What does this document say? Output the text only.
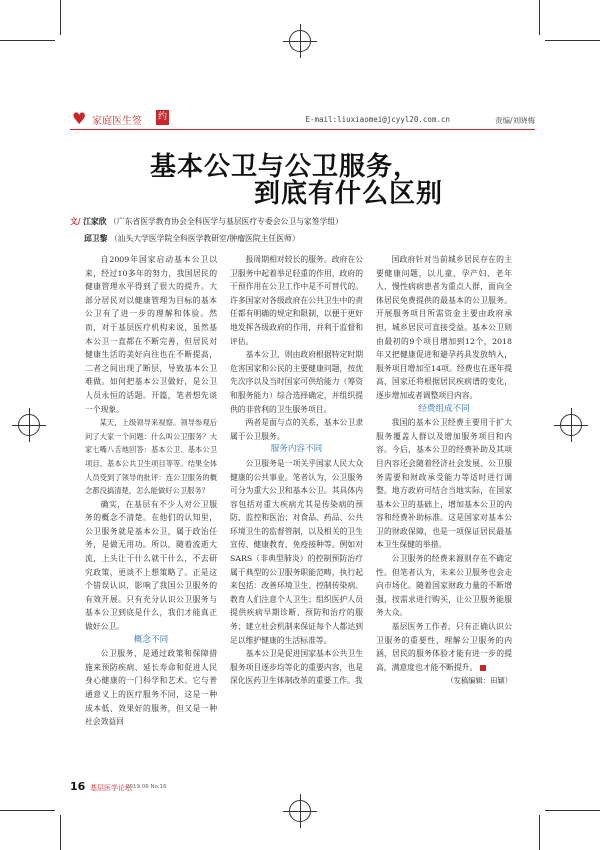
♥ 家庭医生签 约	E-mail:liuxiaomei@jcyyl20.com.cn	责编/刘晓梅
基本公卫与公卫服务，
到底有什么区别
文/ 江家欣 （广东省医学教育协会全科医学与基层医疗专委会公卫与家签学组）
邱卫黎 （汕头大学医学院全科医学教研室/肿瘤医院主任医师）

自2009年国家启动基本公卫以来，经过10多年的努力，我国居民的健康管理水平得到了很大的提升。大部分居民对以健康管理为目标的基本公卫有了进一步的理解和体验。然而，对于基层医疗机构来说，虽然基本公卫一直都在不断完善，但居民对健康生活的美好向往也在不断提高，二者之间出现了断层，导致基本公卫难做。如何把基本公卫做好，是公卫人员永恒的话题。开篇，笔者想先谈一个现象。

某天，上级领导来视察。领导参观后问了大家一个问题：什么叫公卫服务？大家七嘴八舌地回答：基本公卫、基本公卫项目、基本公共卫生项目等等。结果全体人员受到了领导的批评：连公卫服务的概念都没搞清楚，怎么能做好公卫服务？

确实，在基层有不少人对公卫服务的概念不清楚。在他们的认知里，公卫服务就是基本公卫，属于政治任务，是做无用功。所以，随着流逝大流，上头让干什么就干什么，不去研究政策，更谈不上想策略了。正是这个错误认识，影响了我国公卫服务的有效开展。只有充分认识公卫服务与基本公卫到底是什么，我们才能真正做好公卫。

概念不同

公卫服务，是通过政策和保障措施来预防疾病、延长寿命和促进人民身心健康的一门科学和艺术。它与普通意义上的医疗服务不同，这是一种成本低、效果好的服务，但又是一种社会效益回

报周期相对较长的服务。政府在公卫服务中起着举足轻重的作用，政府的干预作用在公卫工作中是不可替代的。许多国家对各级政府在公共卫生中的责任都有明确的规定和限制，以便于更好地发挥各级政府的作用，并利于监督和评估。

基本公卫，则由政府根据特定时期危害国家和公民的主要健康问题，按优先次序以及当时国家可供给能力（筹资和服务能力）综合选择确定，并组织提供的非营利的卫生服务项目。

两者是面与点的关系，基本公卫隶属于公卫服务。

服务内容不同

公卫服务是一项关乎国家人民大众健康的公共事业。笔者认为，公卫服务可分为重大公卫和基本公卫。其具体内容包括对重大疾病尤其是传染病的预防、监控和医治；对食品、药品、公共环境卫生的监督管制，以及相关的卫生宣传、健康教育、免疫接种等。例如对SARS（非典型肺炎）的控制预防治疗属于典型的公卫服务职能范畴，执行起来包括：改善环境卫生、控制传染病、教育人们注意个人卫生；组织医护人员提供疾病早期诊断、预防和治疗的服务；建立社会机制来保证每个人都达到足以维护健康的生活标准等。

基本公卫是促进国家基本公共卫生服务项目逐步均等化的重要内容，也是深化医药卫生体制改革的重要工作。我

国政府针对当前城乡居民存在的主要健康问题，以儿童、孕产妇、老年人、慢性病病患者为重点人群，面向全体居民免费提供的最基本的公卫服务。开展服务项目所需资金主要由政府承担，城乡居民可直接受益。基本公卫则由最初的9个项目增加到12个，2018年又把健康促进和避孕药具发放纳入，服务项目增加至14项。经费也在逐年提高，国家还将根据居民疾病谱的变化，逐步增加或者调整项目内容。

经费组成不同

我国的基本公卫经费主要用于扩大服务覆盖人群以及增加服务项目和内容。今后，基本公卫的经费补助及其项目内容还会随着经济社会发展、公卫服务需要和财政承受能力等适时进行调整。地方政府可结合当地实际，在国家基本公卫的基础上，增加基本公卫的内容和经费补助标准。这是国家对基本公卫的财政保障，也是一项保证居民最基本卫生保健的举措。

公卫服务的经费来源则存在不确定性。但笔者认为，未来公卫服务也会走向市场化。随着国家财政力量的不断增强，按需求进行购买，让公卫服务能服务大众。

基层医务工作者，只有正确认识公卫服务的重要性，理解公卫服务的内涵，居民的服务体验才能有进一步的提高，满意度也才能不断提升。

（发稿编辑：田颖）

16 基层医学论坛
2019.06 No.16
